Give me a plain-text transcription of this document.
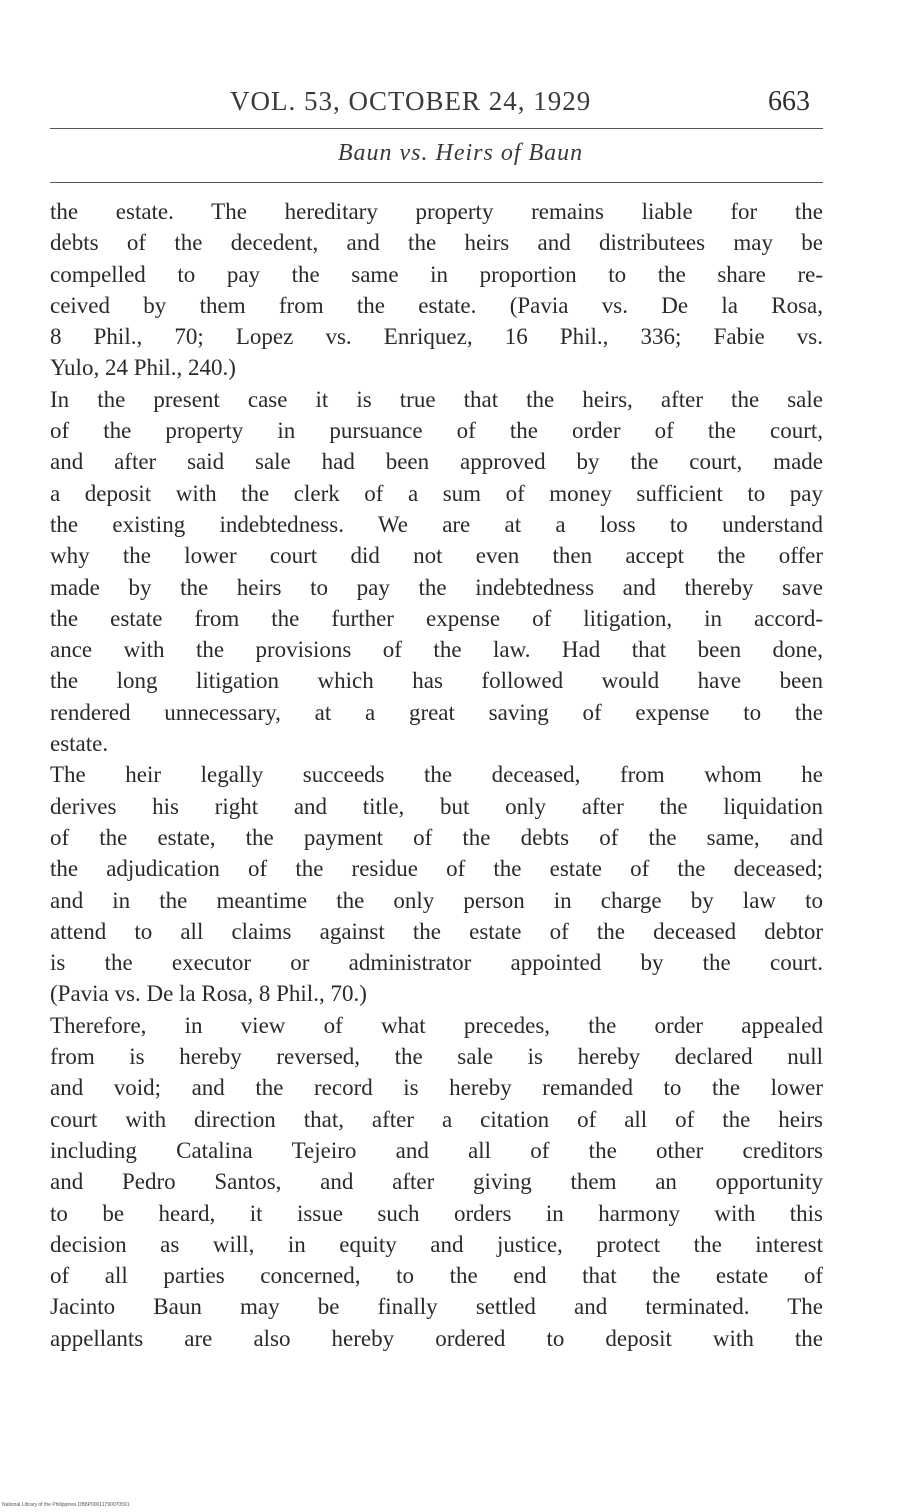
VOL. 53, OCTOBER 24, 1929	663
Baun vs. Heirs of Baun
the estate. The hereditary property remains liable for the
debts of the decedent, and the heirs and distributees may be
compelled to pay the same in proportion to the share re-
ceived by them from the estate. (Pavia vs. De la Rosa,
8 Phil., 70; Lopez vs. Enriquez, 16 Phil., 336; Fabie vs.
Yulo, 24 Phil., 240.)
In the present case it is true that the heirs, after the sale
of the property in pursuance of the order of the court,
and after said sale had been approved by the court, made
a deposit with the clerk of a sum of money sufficient to pay
the existing indebtedness. We are at a loss to understand
why the lower court did not even then accept the offer
made by the heirs to pay the indebtedness and thereby save
the estate from the further expense of litigation, in accord-
ance with the provisions of the law. Had that been done,
the long litigation which has followed would have been
rendered unnecessary, at a great saving of expense to the
estate.
The heir legally succeeds the deceased, from whom he
derives his right and title, but only after the liquidation
of the estate, the payment of the debts of the same, and
the adjudication of the residue of the estate of the deceased;
and in the meantime the only person in charge by law to
attend to all claims against the estate of the deceased debtor
is the executor or administrator appointed by the court.
(Pavia vs. De la Rosa, 8 Phil., 70.)
Therefore, in view of what precedes, the order appealed
from is hereby reversed, the sale is hereby declared null
and void; and the record is hereby remanded to the lower
court with direction that, after a citation of all of the heirs
including Catalina Tejeiro and all of the other creditors
and Pedro Santos, and after giving them an opportunity
to be heard, it issue such orders in harmony with this
decision as will, in equity and justice, protect the interest
of all parties concerned, to the end that the estate of
Jacinto Baun may be finally settled and terminated. The
appellants are also hereby ordered to deposit with the
National Library of the Philippines DB8P00011790070591
